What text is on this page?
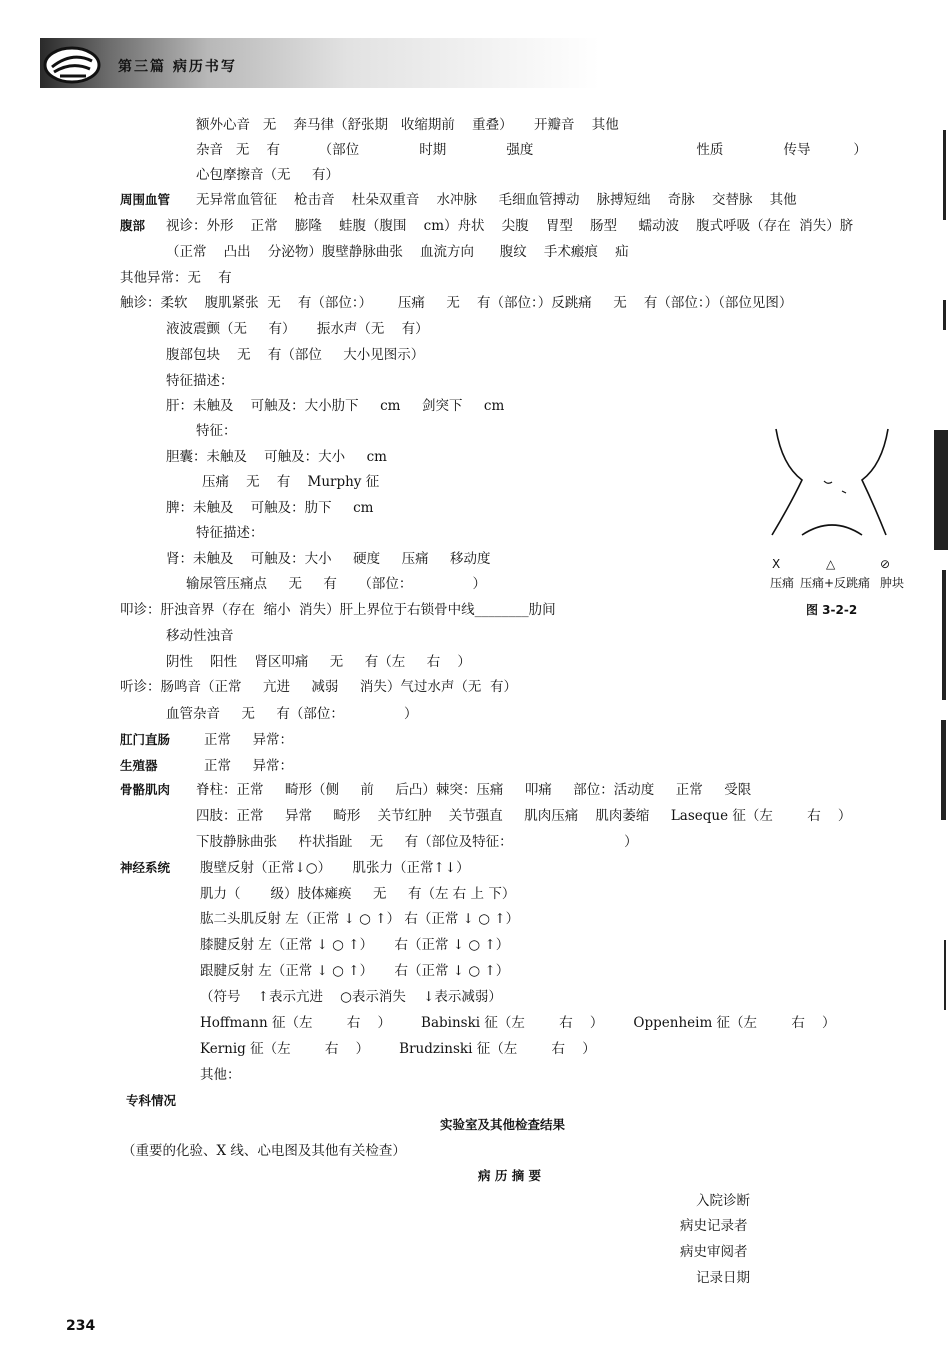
第三篇 病历书写
额外心音   无    奔马律（舒张期   收缩期前    重叠）     开瓣音    其他
杂音   无    有         （部位              时期              强度                                      性质              传导          ）
心包摩擦音（无     有）
周围血管 无异常血管征    枪击音    杜朵双重音    水冲脉     毛细血管搏动    脉搏短绌    奇脉    交替脉    其他
腹部 视诊：外形    正常    膨隆    蛙腹（腹围    cm）舟状    尖腹    胃型    肠型     蠕动波    腹式呼吸（存在  消失）脐
（正常    凸出    分泌物）腹壁静脉曲张    血流方向      腹纹    手术瘢痕    疝
其他异常：无    有
触诊：柔软    腹肌紧张  无    有（部位：）      压痛     无    有（部位：）反跳痛     无    有（部位：）（部位见图）
液波震颤（无     有）     振水声（无    有）
腹部包块    无    有（部位     大小见图示）
特征描述：
肝：未触及    可触及：大小肋下     cm     剑突下     cm
特征：
胆囊：未触及    可触及：大小     cm
压痛    无    有    Murphy 征
脾：未触及    可触及：肋下     cm
特征描述：
肾：未触及    可触及：大小     硬度     压痛     移动度
输尿管压痛点     无     有     （部位：              ）
叩诊：肝浊音界（存在  缩小  消失）肝上界位于右锁骨中线________肋间
移动性浊音
阴性    阳性    肾区叩痛     无     有（左     右    ）
听诊：肠鸣音（正常     亢进     减弱     消失）气过水声（无  有）
血管杂音     无     有（部位：              ）
肛门直肠	正常     异常：
生殖器	正常     异常：
骨骼肌肉 脊柱：正常     畸形（侧     前     后凸）棘突：压痛     叩痛     部位：活动度     正常     受限
四肢：正常     异常     畸形    关节红肿    关节强直     肌肉压痛    肌肉萎缩     Laseque 征（左        右    ）
下肢静脉曲张     杵状指趾    无     有（部位及特征：                          ）
神经系统 腹壁反射（正常↓○）     肌张力（正常↑↓）
肌力（       级）肢体瘫痪     无     有（左 右 上 下）
肱二头肌反射 左（正常 ↓ ○ ↑） 右（正常 ↓ ○ ↑）
膝腱反射 左（正常 ↓ ○ ↑）     右（正常 ↓ ○ ↑）
跟腱反射 左（正常 ↓ ○ ↑）     右（正常 ↓ ○ ↑）
（符号    ↑表示亢进    ○表示消失    ↓表示减弱）
Hoffmann 征（左        右    ）       Babinski 征（左        右    ）       Oppenheim 征（左        右    ）
Kernig 征（左        右    ）       Brudzinski 征（左        右    ）
其他：
专科情况
实验室及其他检查结果
（重要的化验、X 线、心电图及其他有关检查）
病 历 摘 要
入院诊断
病史记录者
病史审阅者
记录日期
X	△	⊘
压痛 压痛+反跳痛 肿块
图 3-2-2
234
